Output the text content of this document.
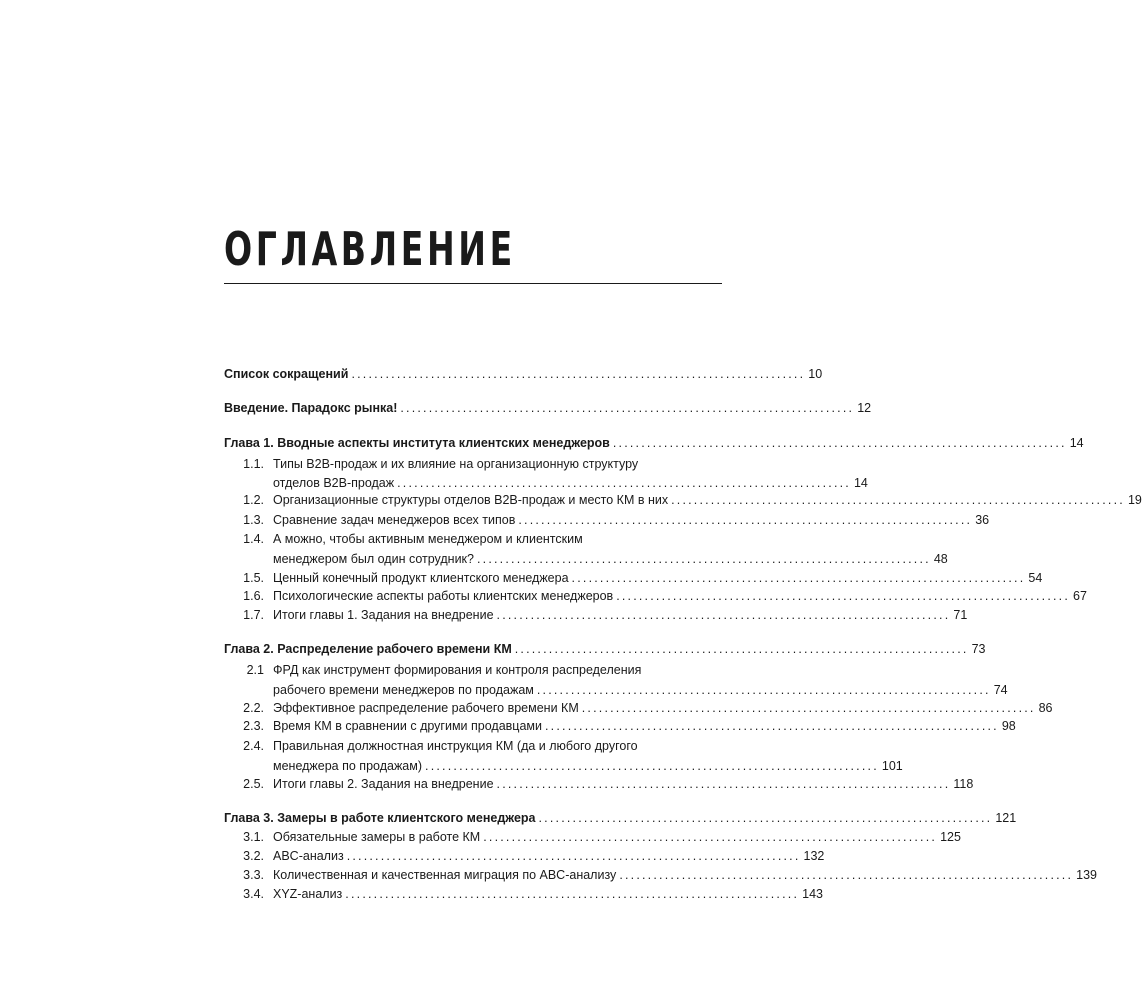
ОГЛАВЛЕНИЕ
Список сокращений ................................................................................ 10
Введение. Парадокс рынка! ................................................................................ 12
Глава 1. Вводные аспекты института клиентских менеджеров ................................................................................ 14
1.1. Типы B2B-продаж и их влияние на организационную структуру
отделов B2B-продаж ................................................................................ 14
1.2. Организационные структуры отделов B2B-продаж и место КМ в них ................................................................................ 19
1.3. Сравнение задач менеджеров всех типов ................................................................................ 36
1.4. А можно, чтобы активным менеджером и клиентским
менеджером был один сотрудник? ................................................................................ 48
1.5. Ценный конечный продукт клиентского менеджера ................................................................................ 54
1.6. Психологические аспекты работы клиентских менеджеров ................................................................................ 67
1.7. Итоги главы 1. Задания на внедрение ................................................................................ 71
Глава 2. Распределение рабочего времени КМ ................................................................................ 73
2.1 ФРД как инструмент формирования и контроля распределения
рабочего времени менеджеров по продажам ................................................................................ 74
2.2. Эффективное распределение рабочего времени КМ ................................................................................ 86
2.3. Время КМ в сравнении с другими продавцами ................................................................................ 98
2.4. Правильная должностная инструкция КМ (да и любого другого
менеджера по продажам) ................................................................................ 101
2.5. Итоги главы 2. Задания на внедрение ................................................................................ 118
Глава 3. Замеры в работе клиентского менеджера ................................................................................ 121
3.1. Обязательные замеры в работе КМ ................................................................................ 125
3.2. ABC-анализ ................................................................................ 132
3.3. Количественная и качественная миграция по ABC-анализу ................................................................................ 139
3.4. XYZ-анализ ................................................................................ 143
